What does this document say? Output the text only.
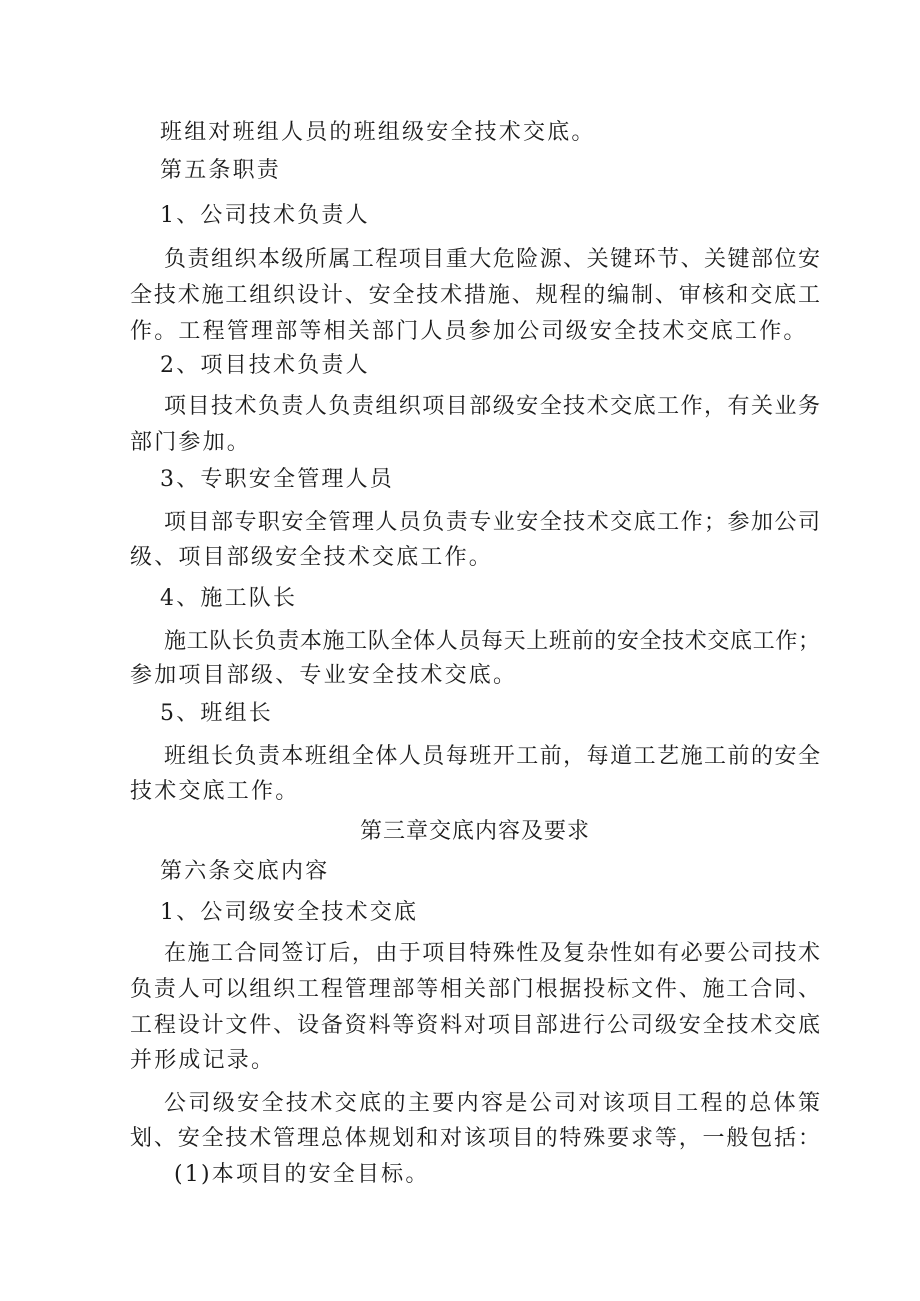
班组对班组人员的班组级安全技术交底。
第五条职责
1、公司技术负责人
负责组织本级所属工程项目重大危险源、关键环节、关键部位安
全技术施工组织设计、安全技术措施、规程的编制、审核和交底工
作。工程管理部等相关部门人员参加公司级安全技术交底工作。
2、项目技术负责人
项目技术负责人负责组织项目部级安全技术交底工作，有关业务
部门参加。
3、专职安全管理人员
项目部专职安全管理人员负责专业安全技术交底工作；参加公司
级、项目部级安全技术交底工作。
4、施工队长
施工队长负责本施工队全体人员每天上班前的安全技术交底工作；
参加项目部级、专业安全技术交底。
5、班组长
班组长负责本班组全体人员每班开工前，每道工艺施工前的安全
技术交底工作。
第三章交底内容及要求
第六条交底内容
1、公司级安全技术交底
在施工合同签订后，由于项目特殊性及复杂性如有必要公司技术
负责人可以组织工程管理部等相关部门根据投标文件、施工合同、
工程设计文件、设备资料等资料对项目部进行公司级安全技术交底
并形成记录。
公司级安全技术交底的主要内容是公司对该项目工程的总体策
划、安全技术管理总体规划和对该项目的特殊要求等，一般包括：
(1)本项目的安全目标。
